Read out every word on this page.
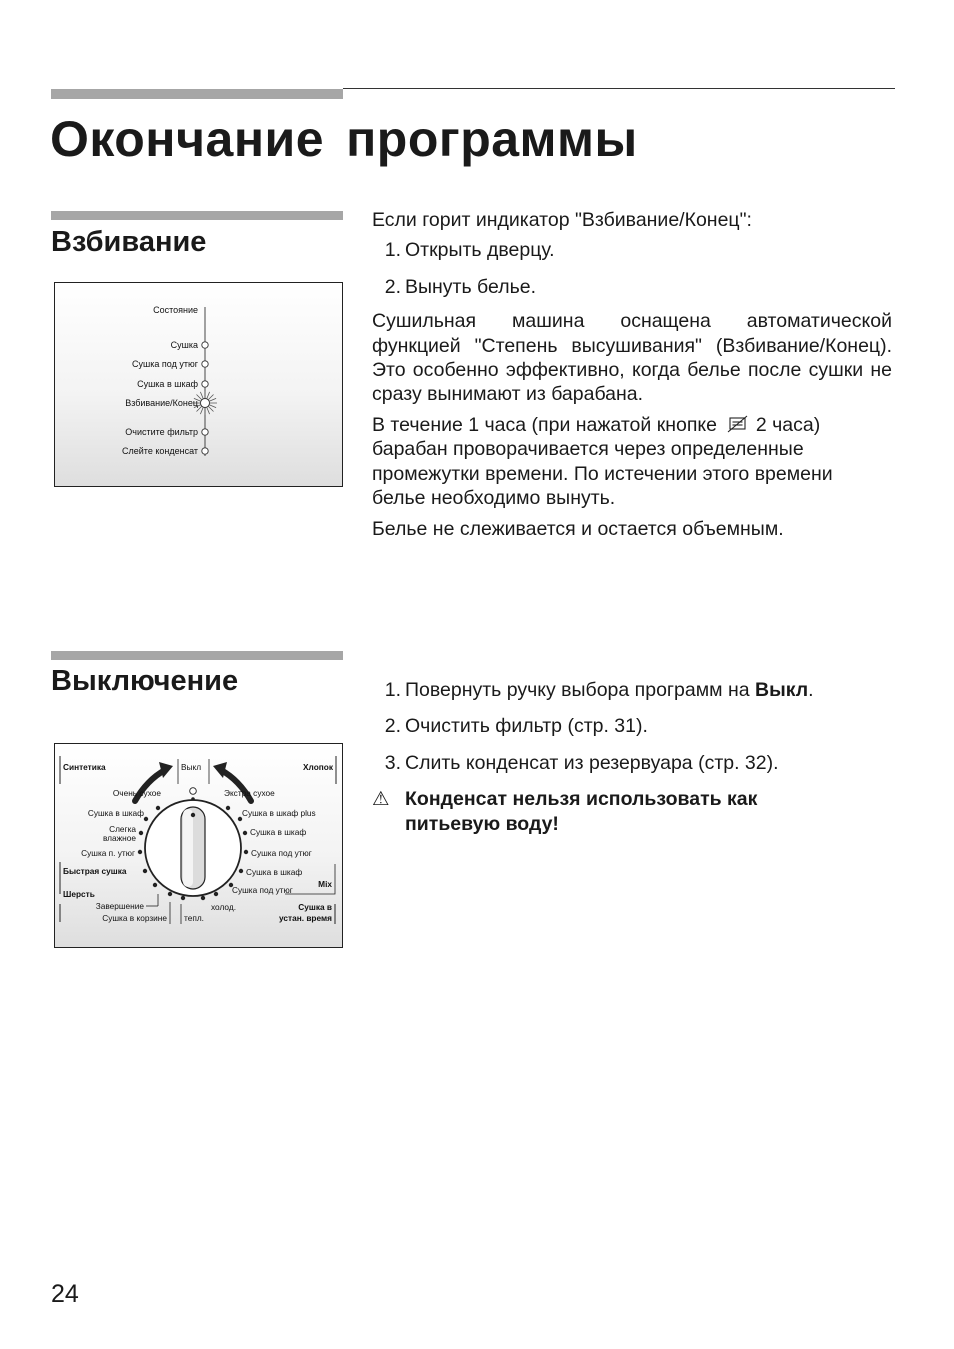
Окончание программы
Взбивание
Состояние
Сушка
Сушка под утюг
Сушка в шкаф
Взбивание/Конец
Очистите фильтр
Слейте конденсат

Если горит индикатор "Взбивание/Конец":

1. Открыть дверцу.
2. Вынуть белье.

Сушильная машина оснащена автоматической функцией "Степень высушивания" (Взбивание/Конец). Это особенно эффективно, когда белье после сушки не сразу вынимают из барабана.

В течение 1 часа (при нажатой кнопке 2 часа) барабан проворачивается через определенные промежутки времени. По истечении этого времени белье необходимо вынуть.

Белье не слеживается и остается объемным.

Выключение
Синтетика	Хлопок
Выкл
Очень сухое
Сушка в шкаф
Слегка
влажное
Сушка п. утюг
Быстрая сушка
Шерсть
Завершение
Сушка в корзине тепл.
холод.
Экстра сухое
Сушка в шкаф plus
Сушка в шкаф
Сушка под утюг
Сушка в шкаф
Сушка под утюг
Mix
Сушка в
устан. время
1. Повернуть ручку выбора программ на Выкл.
2. Очистить фильтр (стр. 31).
3. Слить конденсат из резервуара (стр. 32).
⚠ Конденсат нельзя использовать как питьевую воду!
24
